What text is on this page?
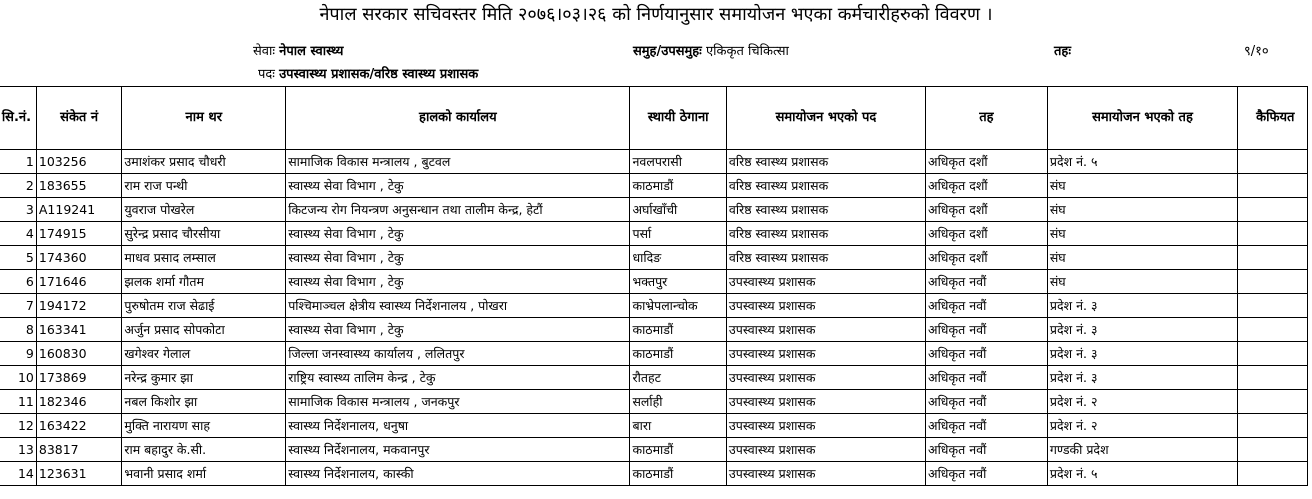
नेपाल सरकार सचिवस्तर मिति २०७६।०३।२६ को निर्णयानुसार समायोजन भएका कर्मचारीहरुको विवरण ।
सेवाः नेपाल स्वास्थ्य	समुह/उपसमुहः एकिकृत चिकित्सा	तहः	९/१०
पदः उपस्वास्थ्य प्रशासक/वरिष्ठ स्वास्थ्य प्रशासक
सि.नं.	संकेत नं	नाम थर	हालको कार्यालय	स्थायी ठेगाना	समायोजन भएको पद	तह	समायोजन भएको तह	कैफियत
1	103256	उमाशंकर प्रसाद चौधरी	सामाजिक विकास मन्त्रालय , बुटवल	नवलपरासी	वरिष्ठ स्वास्थ्य प्रशासक	अधिकृत दशौं	प्रदेश नं. ५	
2	183655	राम राज पन्थी	स्वास्थ्य सेवा विभाग , टेकु	काठमाडौं	वरिष्ठ स्वास्थ्य प्रशासक	अधिकृत दशौं	संघ	
3	A119241	युवराज पोखरेल	किटजन्य रोग नियन्त्रण अनुसन्धान तथा तालीम केन्द्र, हेटौं	अर्घाखाँची	वरिष्ठ स्वास्थ्य प्रशासक	अधिकृत दशौं	संघ	
4	174915	सुरेन्द्र प्रसाद चौरसीया	स्वास्थ्य सेवा विभाग , टेकु	पर्सा	वरिष्ठ स्वास्थ्य प्रशासक	अधिकृत दशौं	संघ	
5	174360	माधव प्रसाद लम्साल	स्वास्थ्य सेवा विभाग , टेकु	धादिङ	वरिष्ठ स्वास्थ्य प्रशासक	अधिकृत दशौं	संघ	
6	171646	झलक शर्मा गौतम	स्वास्थ्य सेवा विभाग , टेकु	भक्तपुर	उपस्वास्थ्य प्रशासक	अधिकृत नवौं	संघ	
7	194172	पुरुषोतम राज सेढाई	पश्चिमाञ्चल क्षेत्रीय स्वास्थ्य निर्देशनालय , पोखरा	काभ्रेपलान्चोक	उपस्वास्थ्य प्रशासक	अधिकृत नवौं	प्रदेश नं. ३	
8	163341	अर्जुन प्रसाद सोपकोटा	स्वास्थ्य सेवा विभाग , टेकु	काठमाडौं	उपस्वास्थ्य प्रशासक	अधिकृत नवौं	प्रदेश नं. ३	
9	160830	खगेश्वर गेलाल	जिल्ला जनस्वास्थ्य कार्यालय , ललितपुर	काठमाडौं	उपस्वास्थ्य प्रशासक	अधिकृत नवौं	प्रदेश नं. ३	
10	173869	नरेन्द्र कुमार झा	राष्ट्रिय स्वास्थ्य तालिम केन्द्र , टेकु	रौतहट	उपस्वास्थ्य प्रशासक	अधिकृत नवौं	प्रदेश नं. ३	
11	182346	नबल किशोर झा	सामाजिक विकास मन्त्रालय , जनकपुर	सर्लाही	उपस्वास्थ्य प्रशासक	अधिकृत नवौं	प्रदेश नं. २	
12	163422	मुक्ति नारायण साह	स्वास्थ्य निर्देशनालय, धनुषा	बारा	उपस्वास्थ्य प्रशासक	अधिकृत नवौं	प्रदेश नं. २	
13	83817	राम बहादुर के.सी.	स्वास्थ्य निर्देशनालय, मकवानपुर	काठमाडौं	उपस्वास्थ्य प्रशासक	अधिकृत नवौं	गण्डकी प्रदेश	
14	123631	भवानी प्रसाद शर्मा	स्वास्थ्य निर्देशनालय, कास्की	काठमाडौं	उपस्वास्थ्य प्रशासक	अधिकृत नवौं	प्रदेश नं. ५	
